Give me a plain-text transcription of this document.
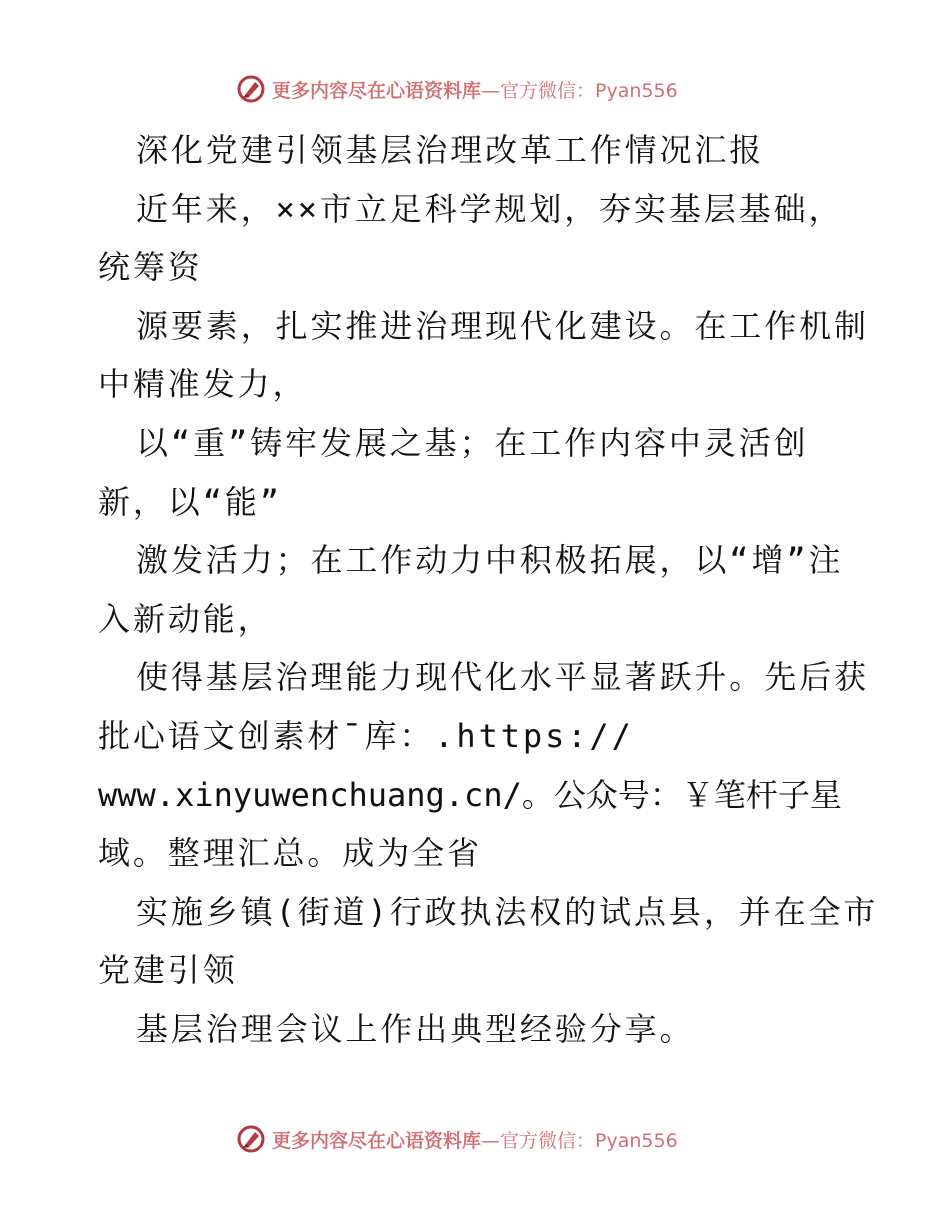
更多内容尽在心语资料库 —官方微信：Pyan556
深化党建引领基层治理改革工作情况汇报
近年来，××市立足科学规划，夯实基层基础，
统筹资
源要素，扎实推进治理现代化建设。在工作机制
中精准发力，
以“重”铸牢发展之基；在工作内容中灵活创
新，以“能”
激发活力；在工作动力中积极拓展，以“增”注
入新动能，
使得基层治理能力现代化水平显著跃升。先后获
批心语文创素材¯库：.https://
www.xinyuwenchuang.cn/。公众号：￥笔杆子星
域。整理汇总。成为全省
实施乡镇(街道)行政执法权的试点县，并在全市
党建引领
基层治理会议上作出典型经验分享。
更多内容尽在心语资料库 —官方微信：Pyan556
